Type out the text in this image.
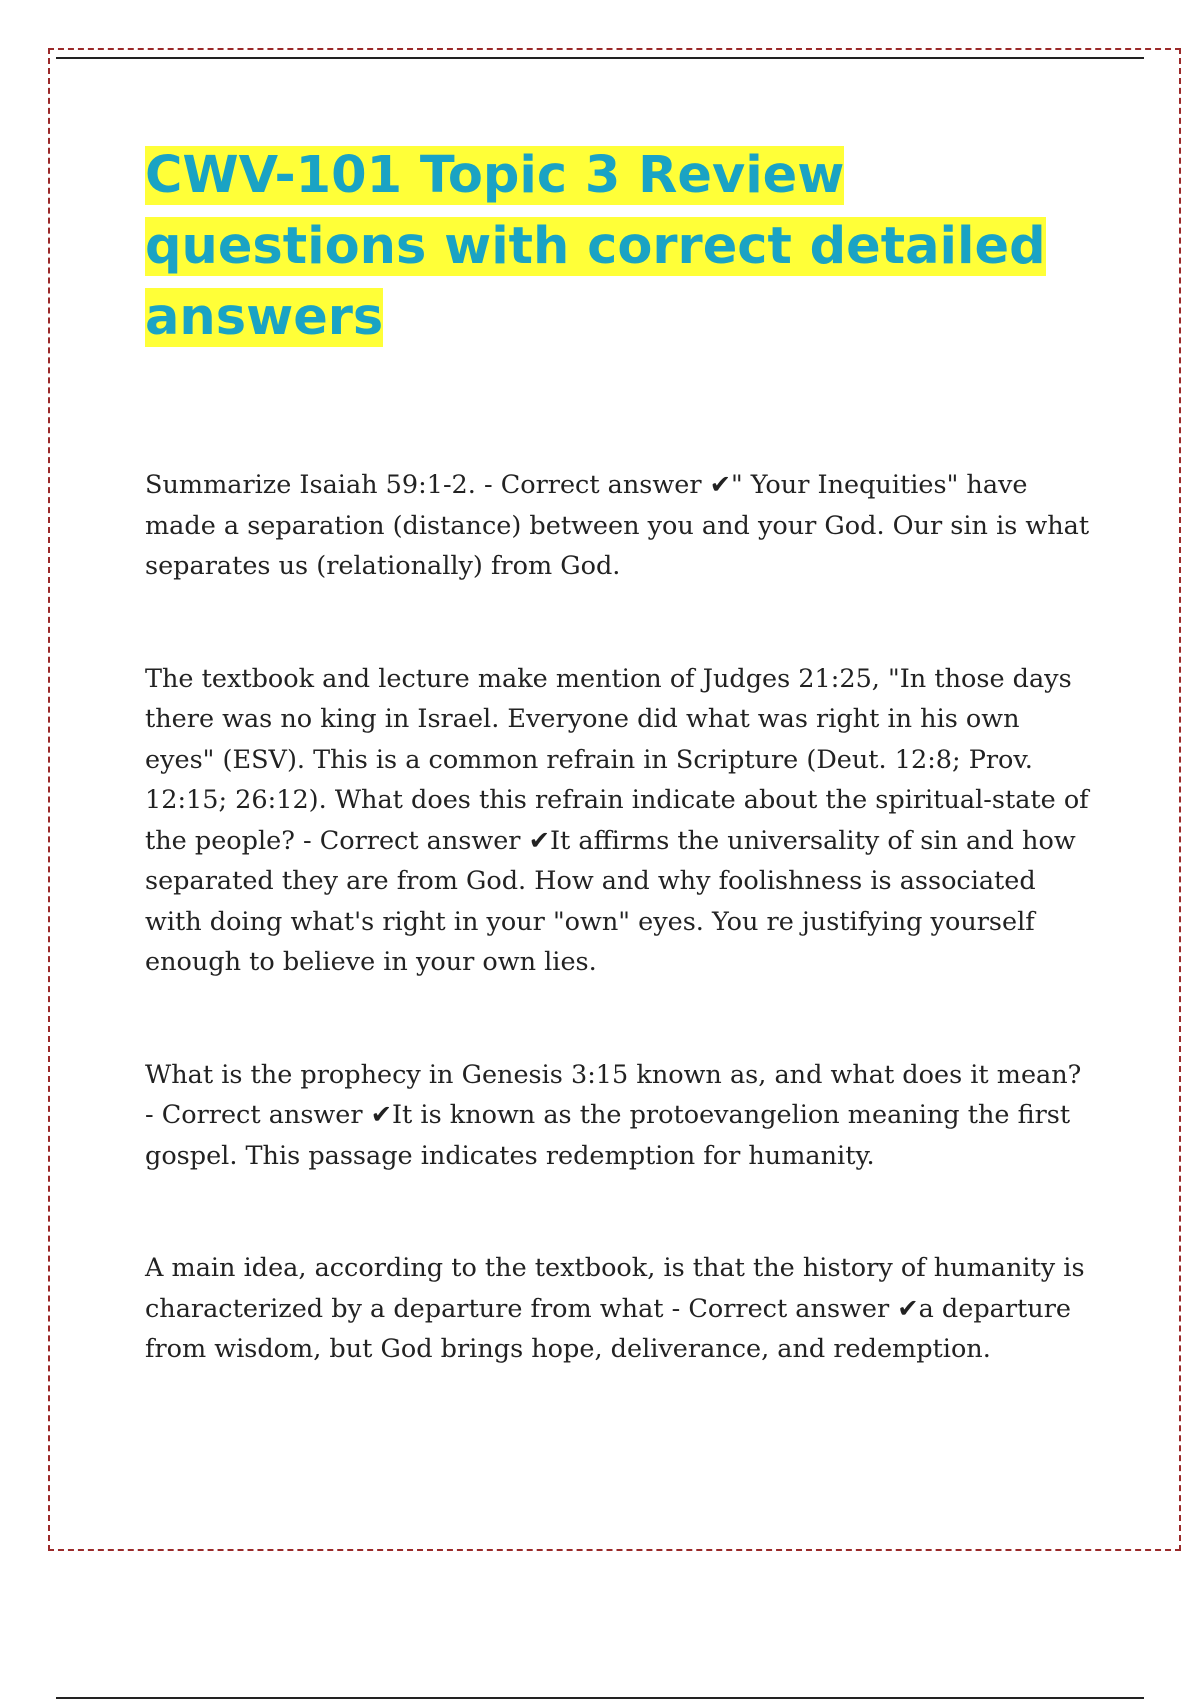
CWV-101 Topic 3 Review questions with correct detailed answers

Summarize Isaiah 59:1-2. - Correct answer ✔" Your Inequities" have made a separation (distance) between you and your God. Our sin is what separates us (relationally) from God.

The textbook and lecture make mention of Judges 21:25, "In those days there was no king in Israel. Everyone did what was right in his own eyes" (ESV). This is a common refrain in Scripture (Deut. 12:8; Prov. 12:15; 26:12). What does this refrain indicate about the spiritual-state of the people? - Correct answer ✔It affirms the universality of sin and how separated they are from God. How and why foolishness is associated with doing what's right in your "own" eyes. You re justifying yourself enough to believe in your own lies.

What is the prophecy in Genesis 3:15 known as, and what does it mean? - Correct answer ✔It is known as the protoevangelion meaning the first gospel. This passage indicates redemption for humanity.

A main idea, according to the textbook, is that the history of humanity is characterized by a departure from what - Correct answer ✔a departure from wisdom, but God brings hope, deliverance, and redemption.
